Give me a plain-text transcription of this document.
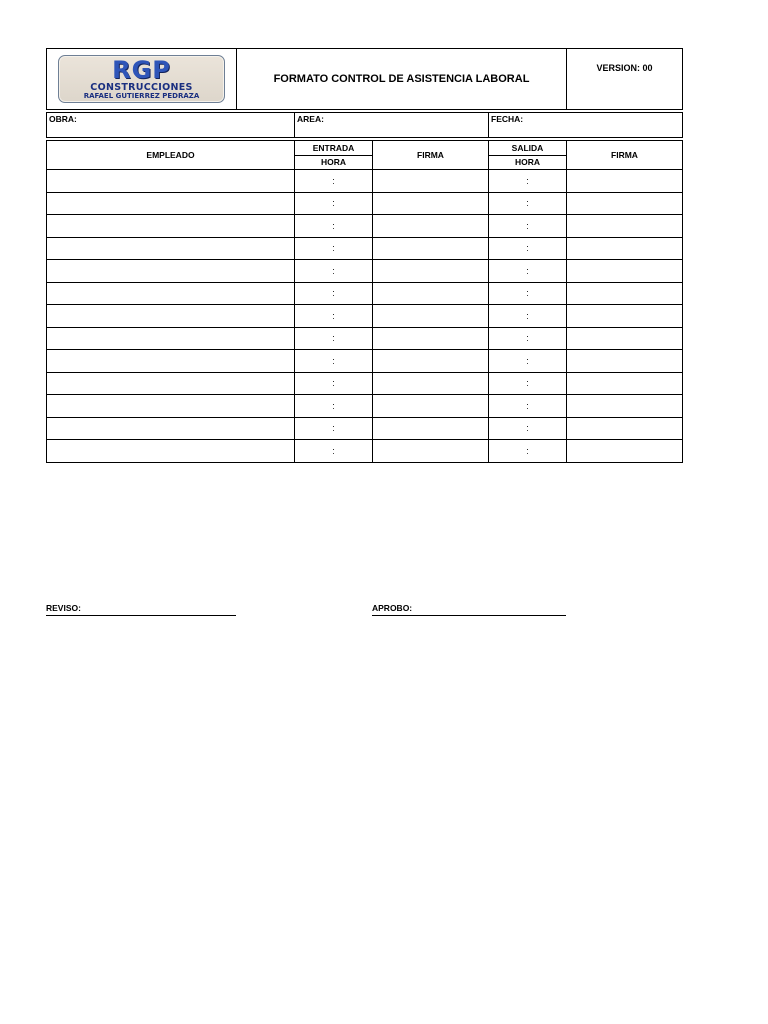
RGP
CONSTRUCCIONES
RAFAEL GUTIERREZ PEDRAZA
	FORMATO CONTROL DE ASISTENCIA LABORAL	VERSION: 00
OBRA:	AREA:	FECHA:
EMPLEADO	ENTRADA	FIRMA	SALIDA	FIRMA
	HORA		HORA	
	:		:	
	:		:	
	:		:	
	:		:	
	:		:	
	:		:	
	:		:	
	:		:	
	:		:	
	:		:	
	:		:	
	:		:	
	:		:	
REVISO:	APROBO:
